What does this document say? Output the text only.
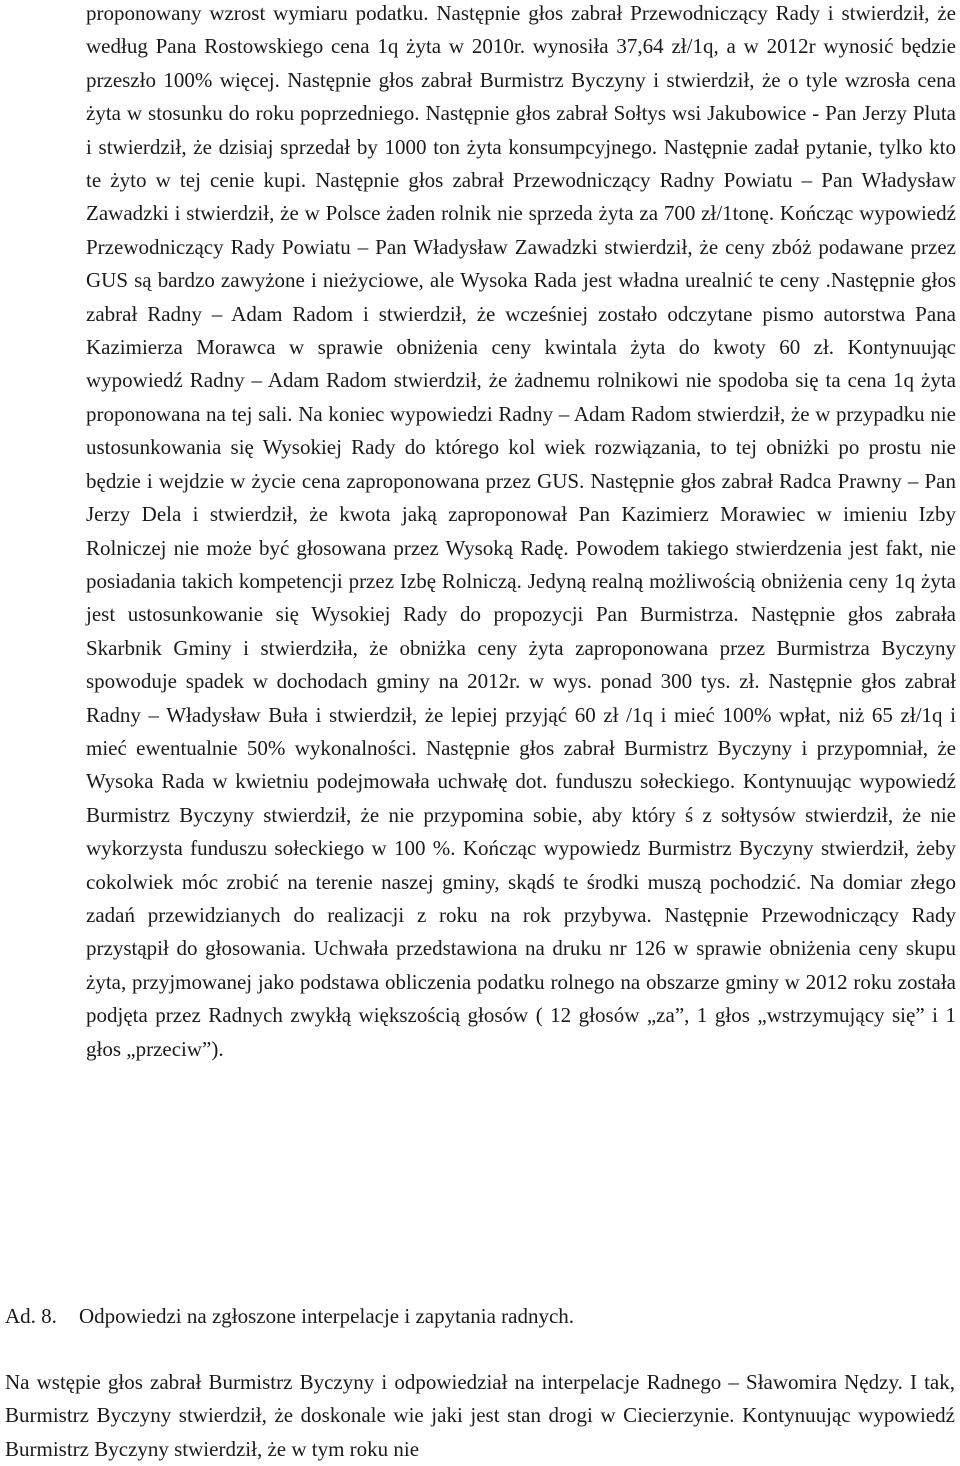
proponowany wzrost wymiaru podatku. Następnie głos zabrał Przewodniczący Rady i stwierdził, że według Pana Rostowskiego cena 1q żyta w 2010r. wynosiła 37,64 zł/1q, a w 2012r wynosić będzie przeszło 100% więcej. Następnie głos zabrał Burmistrz Byczyny i stwierdził, że o tyle wzrosła cena żyta w stosunku do roku poprzedniego. Następnie głos zabrał Sołtys wsi Jakubowice - Pan Jerzy Pluta i stwierdził, że dzisiaj sprzedał by 1000 ton żyta konsumpcyjnego. Następnie zadał pytanie, tylko kto te żyto w tej cenie kupi. Następnie głos zabrał Przewodniczący Radny Powiatu – Pan Władysław Zawadzki i stwierdził, że w Polsce żaden rolnik nie sprzeda żyta za 700 zł/1tonę. Kończąc wypowiedź Przewodniczący Rady Powiatu – Pan Władysław Zawadzki stwierdził, że ceny zbóż podawane przez GUS są bardzo zawyżone i nieżyciowe, ale Wysoka Rada jest władna urealnić te ceny .Następnie głos zabrał Radny – Adam Radom i stwierdził, że wcześniej zostało odczytane pismo autorstwa Pana Kazimierza Morawca w sprawie obniżenia ceny kwintala żyta do kwoty 60 zł. Kontynuując wypowiedź Radny – Adam Radom stwierdził, że żadnemu rolnikowi nie spodoba się ta cena 1q żyta proponowana na tej sali. Na koniec wypowiedzi Radny – Adam Radom stwierdził, że w przypadku nie ustosunkowania się Wysokiej Rady do którego kol wiek rozwiązania, to tej obniżki po prostu nie będzie i wejdzie w życie cena zaproponowana przez GUS. Następnie głos zabrał Radca Prawny – Pan Jerzy Dela i stwierdził, że kwota jaką zaproponował Pan Kazimierz Morawiec w imieniu Izby Rolniczej nie może być głosowana przez Wysoką Radę. Powodem takiego stwierdzenia jest fakt, nie posiadania takich kompetencji przez Izbę Rolniczą. Jedyną realną możliwością obniżenia ceny 1q żyta jest ustosunkowanie się Wysokiej Rady do propozycji Pan Burmistrza. Następnie głos zabrała Skarbnik Gminy i stwierdziła, że obniżka ceny żyta zaproponowana przez Burmistrza Byczyny spowoduje spadek w dochodach gminy na 2012r. w wys. ponad 300 tys. zł. Następnie głos zabrał Radny – Władysław Buła i stwierdził, że lepiej przyjąć 60 zł /1q i mieć 100% wpłat, niż 65 zł/1q i mieć ewentualnie 50% wykonalności. Następnie głos zabrał Burmistrz Byczyny i przypomniał, że Wysoka Rada w kwietniu podejmowała uchwałę dot. funduszu sołeckiego. Kontynuując wypowiedź Burmistrz Byczyny stwierdził, że nie przypomina sobie, aby który ś z sołtysów stwierdził, że nie wykorzysta funduszu sołeckiego w 100 %. Kończąc wypowiedz Burmistrz Byczyny stwierdził, żeby cokolwiek móc zrobić na terenie naszej gminy, skądś te środki muszą pochodzić. Na domiar złego zadań przewidzianych do realizacji z roku na rok przybywa. Następnie Przewodniczący Rady przystąpił do głosowania. Uchwała przedstawiona na druku nr 126 w sprawie obniżenia ceny skupu żyta, przyjmowanej jako podstawa obliczenia podatku rolnego na obszarze gminy w 2012 roku została podjęta przez Radnych zwykłą większością głosów ( 12 głosów „za”, 1 głos „wstrzymujący się” i 1 głos „przeciw”).

Ad. 8. Odpowiedzi na zgłoszone interpelacje i zapytania radnych.

Na wstępie głos zabrał Burmistrz Byczyny i odpowiedział na interpelacje Radnego – Sławomira Nędzy. I tak, Burmistrz Byczyny stwierdził, że doskonale wie jaki jest stan drogi w Ciecierzynie. Kontynuując wypowiedź Burmistrz Byczyny stwierdził, że w tym roku nie
